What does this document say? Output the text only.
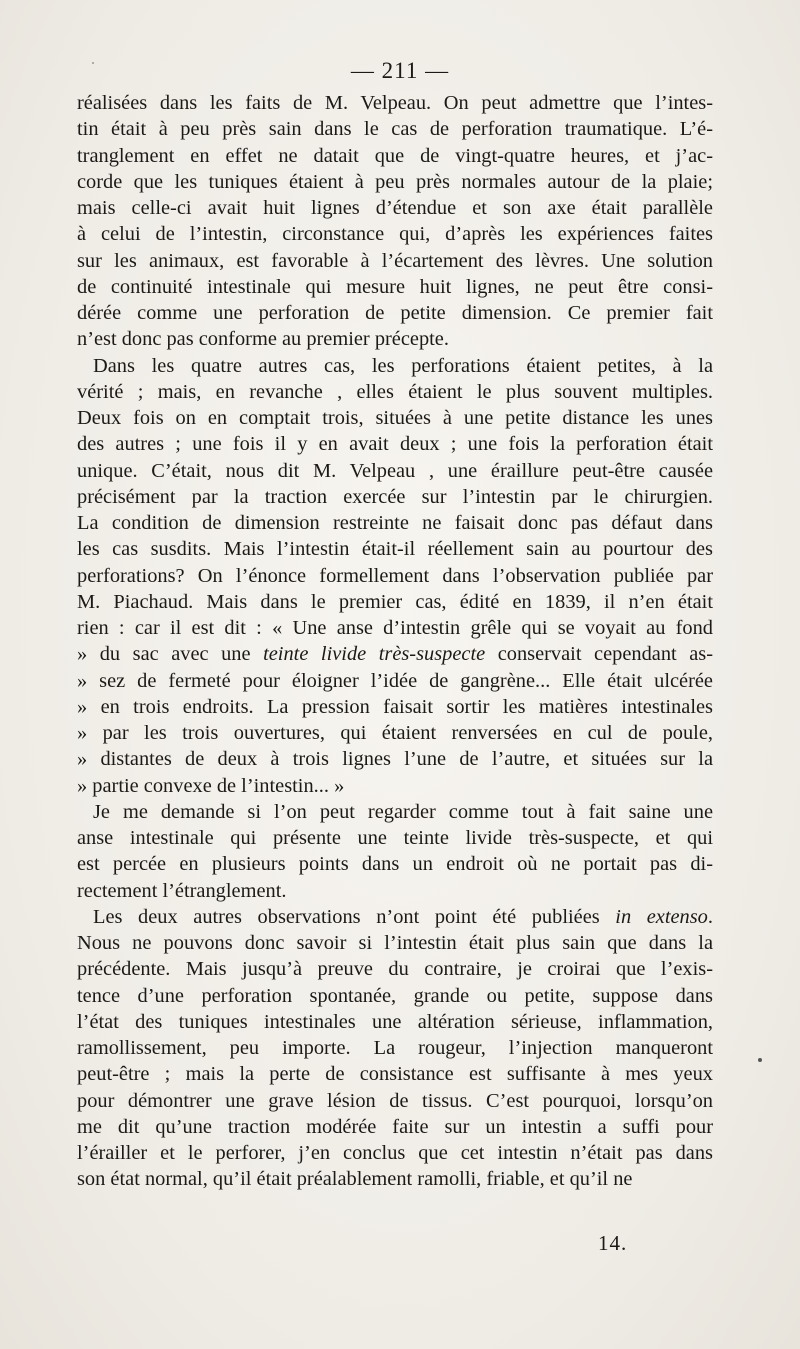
— 211 —
réalisées dans les faits de M. Velpeau. On peut admettre que l’intes-
tin était à peu près sain dans le cas de perforation traumatique. L’é-
tranglement en effet ne datait que de vingt-quatre heures, et j’ac-
corde que les tuniques étaient à peu près normales autour de la plaie;
mais celle-ci avait huit lignes d’étendue et son axe était parallèle
à celui de l’intestin, circonstance qui, d’après les expériences faites
sur les animaux, est favorable à l’écartement des lèvres. Une solution
de continuité intestinale qui mesure huit lignes, ne peut être consi-
dérée comme une perforation de petite dimension. Ce premier fait
n’est donc pas conforme au premier précepte.
Dans les quatre autres cas, les perforations étaient petites, à la
vérité ; mais, en revanche , elles étaient le plus souvent multiples.
Deux fois on en comptait trois, situées à une petite distance les unes
des autres ; une fois il y en avait deux ; une fois la perforation était
unique. C’était, nous dit M. Velpeau , une éraillure peut-être causée
précisément par la traction exercée sur l’intestin par le chirurgien.
La condition de dimension restreinte ne faisait donc pas défaut dans
les cas susdits. Mais l’intestin était-il réellement sain au pourtour des
perforations? On l’énonce formellement dans l’observation publiée par
M. Piachaud. Mais dans le premier cas, édité en 1839, il n’en était
rien : car il est dit : « Une anse d’intestin grêle qui se voyait au fond
» du sac avec une teinte livide très-suspecte conservait cependant as-
» sez de fermeté pour éloigner l’idée de gangrène... Elle était ulcérée
» en trois endroits. La pression faisait sortir les matières intestinales
» par les trois ouvertures, qui étaient renversées en cul de poule,
» distantes de deux à trois lignes l’une de l’autre, et situées sur la
» partie convexe de l’intestin... »
Je me demande si l’on peut regarder comme tout à fait saine une
anse intestinale qui présente une teinte livide très-suspecte, et qui
est percée en plusieurs points dans un endroit où ne portait pas di-
rectement l’étranglement.
Les deux autres observations n’ont point été publiées in extenso.
Nous ne pouvons donc savoir si l’intestin était plus sain que dans la
précédente. Mais jusqu’à preuve du contraire, je croirai que l’exis-
tence d’une perforation spontanée, grande ou petite, suppose dans
l’état des tuniques intestinales une altération sérieuse, inflammation,
ramollissement, peu importe. La rougeur, l’injection manqueront
peut-être ; mais la perte de consistance est suffisante à mes yeux
pour démontrer une grave lésion de tissus. C’est pourquoi, lorsqu’on
me dit qu’une traction modérée faite sur un intestin a suffi pour
l’érailler et le perforer, j’en conclus que cet intestin n’était pas dans
son état normal, qu’il était préalablement ramolli, friable, et qu’il ne
14.
